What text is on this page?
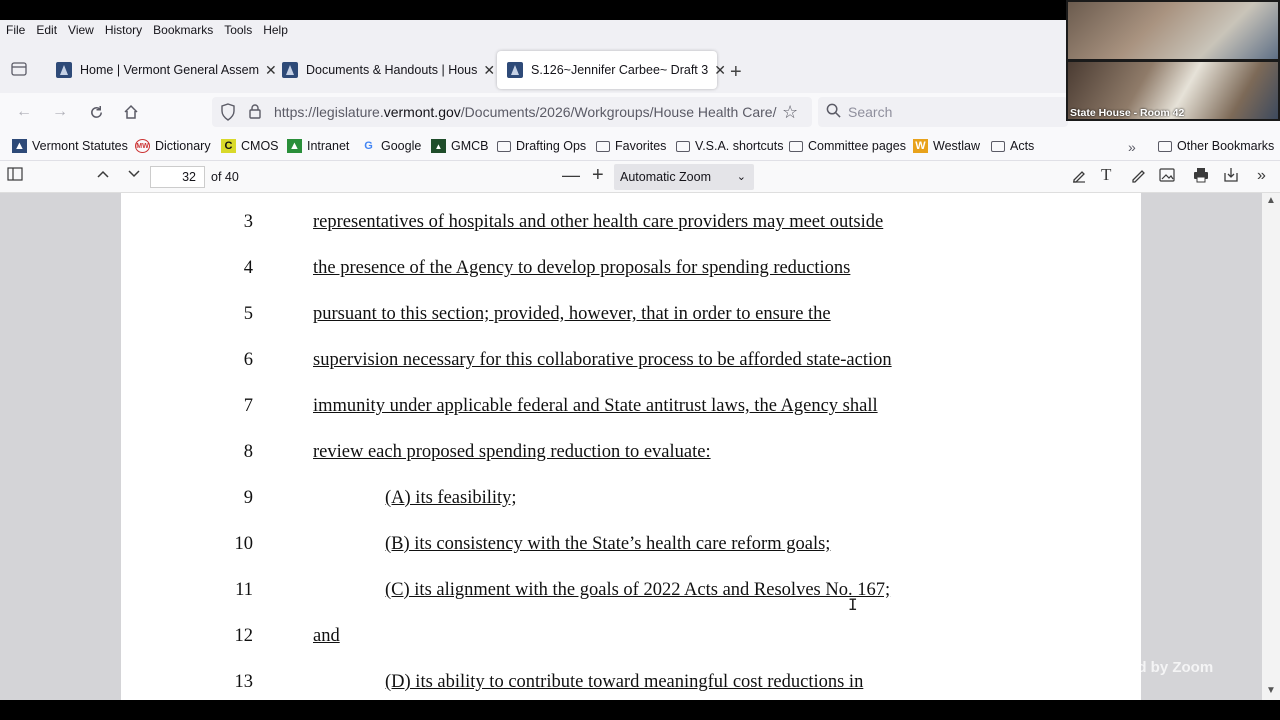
File Edit View History Bookmarks Tools Help
Home | Vermont General Assem ✕ Documents & Handouts | Hous ✕	S.126~Jennifer Carbee~ Draft 3 ✕ +
← →	https://legislature.vermont.gov/Documents/2026/Workgroups/House Health Care/ ☆	Search
▲ Vermont Statutes MW Dictionary	C CMOS ▲ Intranet G Google	▲ GMCB Drafting Ops Favorites V.S.A. shortcuts Committee pages W Westlaw Acts	»	Other Bookmarks
32	of 40	— +	Automatic Zoom ⌄	T	»
3	representatives of hospitals and other health care providers may meet outside
4	the presence of the Agency to develop proposals for spending reductions
5	pursuant to this section; provided, however, that in order to ensure the
6	supervision necessary for this collaborative process to be afforded state-action
7	immunity under applicable federal and State antitrust laws, the Agency shall
8	review each proposed spending reduction to evaluate:
9	(A) its feasibility;
10	(B) its consistency with the State’s health care reform goals;
11	(C) its alignment with the goals of 2022 Acts and Resolves No. 167;
12	and
13	(D) its ability to contribute toward meaningful cost reductions in
▲
▼
I
Powered by Zoom
State House - Room 42
